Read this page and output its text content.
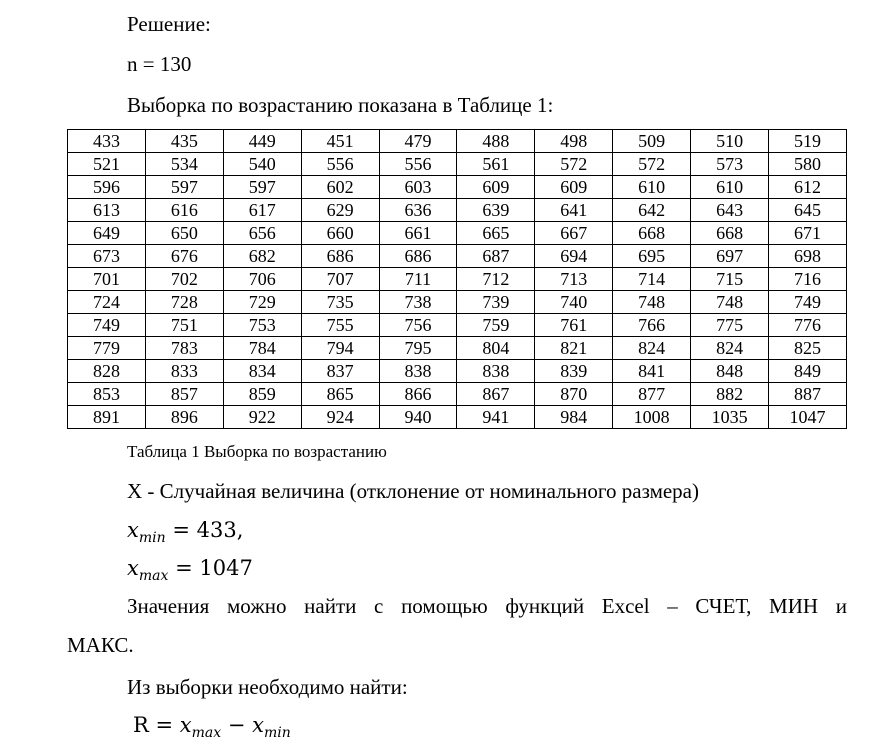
Решение:
n = 130
Выборка по возрастанию показана в Таблице 1:
433	435	449	451	479	488	498	509	510	519
521	534	540	556	556	561	572	572	573	580
596	597	597	602	603	609	609	610	610	612
613	616	617	629	636	639	641	642	643	645
649	650	656	660	661	665	667	668	668	671
673	676	682	686	686	687	694	695	697	698
701	702	706	707	711	712	713	714	715	716
724	728	729	735	738	739	740	748	748	749
749	751	753	755	756	759	761	766	775	776
779	783	784	794	795	804	821	824	824	825
828	833	834	837	838	838	839	841	848	849
853	857	859	865	866	867	870	877	882	887
891	896	922	924	940	941	984	1008	1035	1047
Таблица 1 Выборка по возрастанию
X - Случайная величина (отклонение от номинального размера)
$x_{min} = 433$,
$x_{max} = 1047$
Значения можно найти с помощью функций Excel – СЧЕТ, МИН и
МАКС.
Из выборки необходимо найти:
$R = x_{max} - x_{min}$
